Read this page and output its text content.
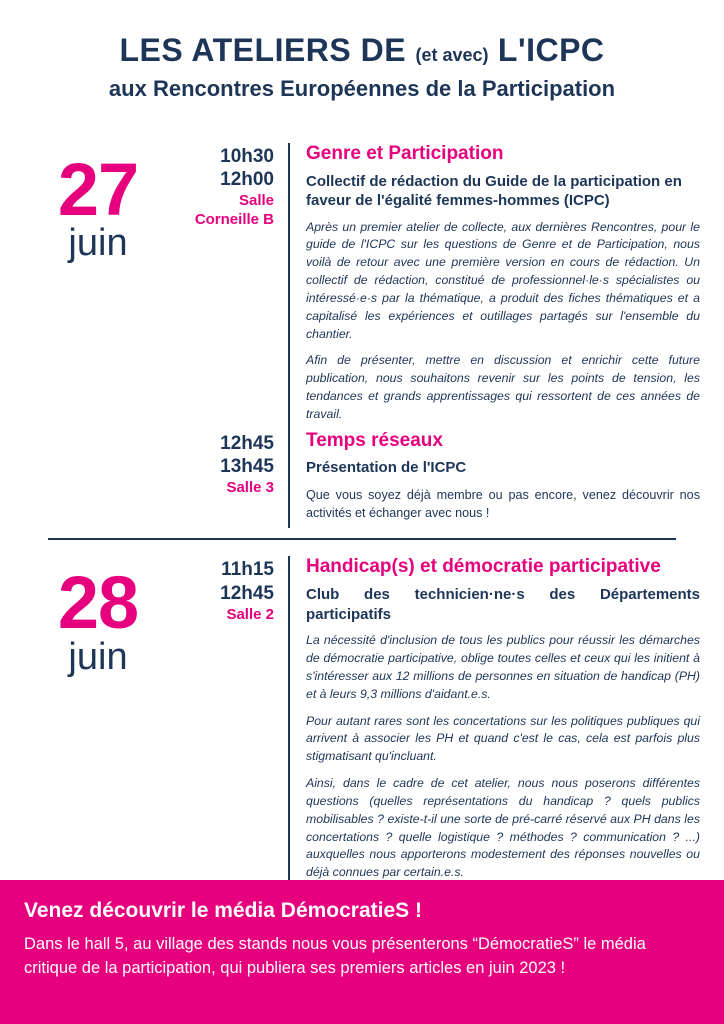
LES ATELIERS DE (et avec) L'ICPC
aux Rencontres Européennes de la Participation
27
juin
10h30
12h00
Salle
Corneille B
Genre et Participation
Collectif de rédaction du Guide de la participation en faveur de l'égalité femmes-hommes (ICPC)
Après un premier atelier de collecte, aux dernières Rencontres, pour le guide de l'ICPC sur les questions de Genre et de Participation, nous voilà de retour avec une première version en cours de rédaction. Un collectif de rédaction, constitué de professionnel·le·s spécialistes ou intéressé·e·s par la thématique, a produit des fiches thématiques et a capitalisé les expériences et outillages partagés sur l'ensemble du chantier.
Afin de présenter, mettre en discussion et enrichir cette future publication, nous souhaitons revenir sur les points de tension, les tendances et grands apprentissages qui ressortent de ces années de travail.
12h45
13h45
Salle 3
Temps réseaux
Présentation de l'ICPC
Que vous soyez déjà membre ou pas encore, venez découvrir nos activités et échanger avec nous !
28
juin
11h15
12h45
Salle 2
Handicap(s) et démocratie participative
Club des technicien·ne·s des Départements participatifs
La nécessité d'inclusion de tous les publics pour réussir les démarches de démocratie participative, oblige toutes celles et ceux qui les initient à s'intéresser aux 12 millions de personnes en situation de handicap (PH) et à leurs 9,3 millions d'aidant.e.s.
Pour autant rares sont les concertations sur les politiques publiques qui arrivent à associer les PH et quand c'est le cas, cela est parfois plus stigmatisant qu'incluant.
Ainsi, dans le cadre de cet atelier, nous nous poserons différentes questions (quelles représentations du handicap ? quels publics mobilisables ? existe-t-il une sorte de pré-carré réservé aux PH dans les concertations ? quelle logistique ? méthodes ? communication ? ...) auxquelles nous apporterons modestement des réponses nouvelles ou déjà connues par certain.e.s.
Venez découvrir le média DémocratieS !
Dans le hall 5, au village des stands nous vous présenterons “DémocratieS” le média critique de la participation, qui publiera ses premiers articles en juin 2023 !
